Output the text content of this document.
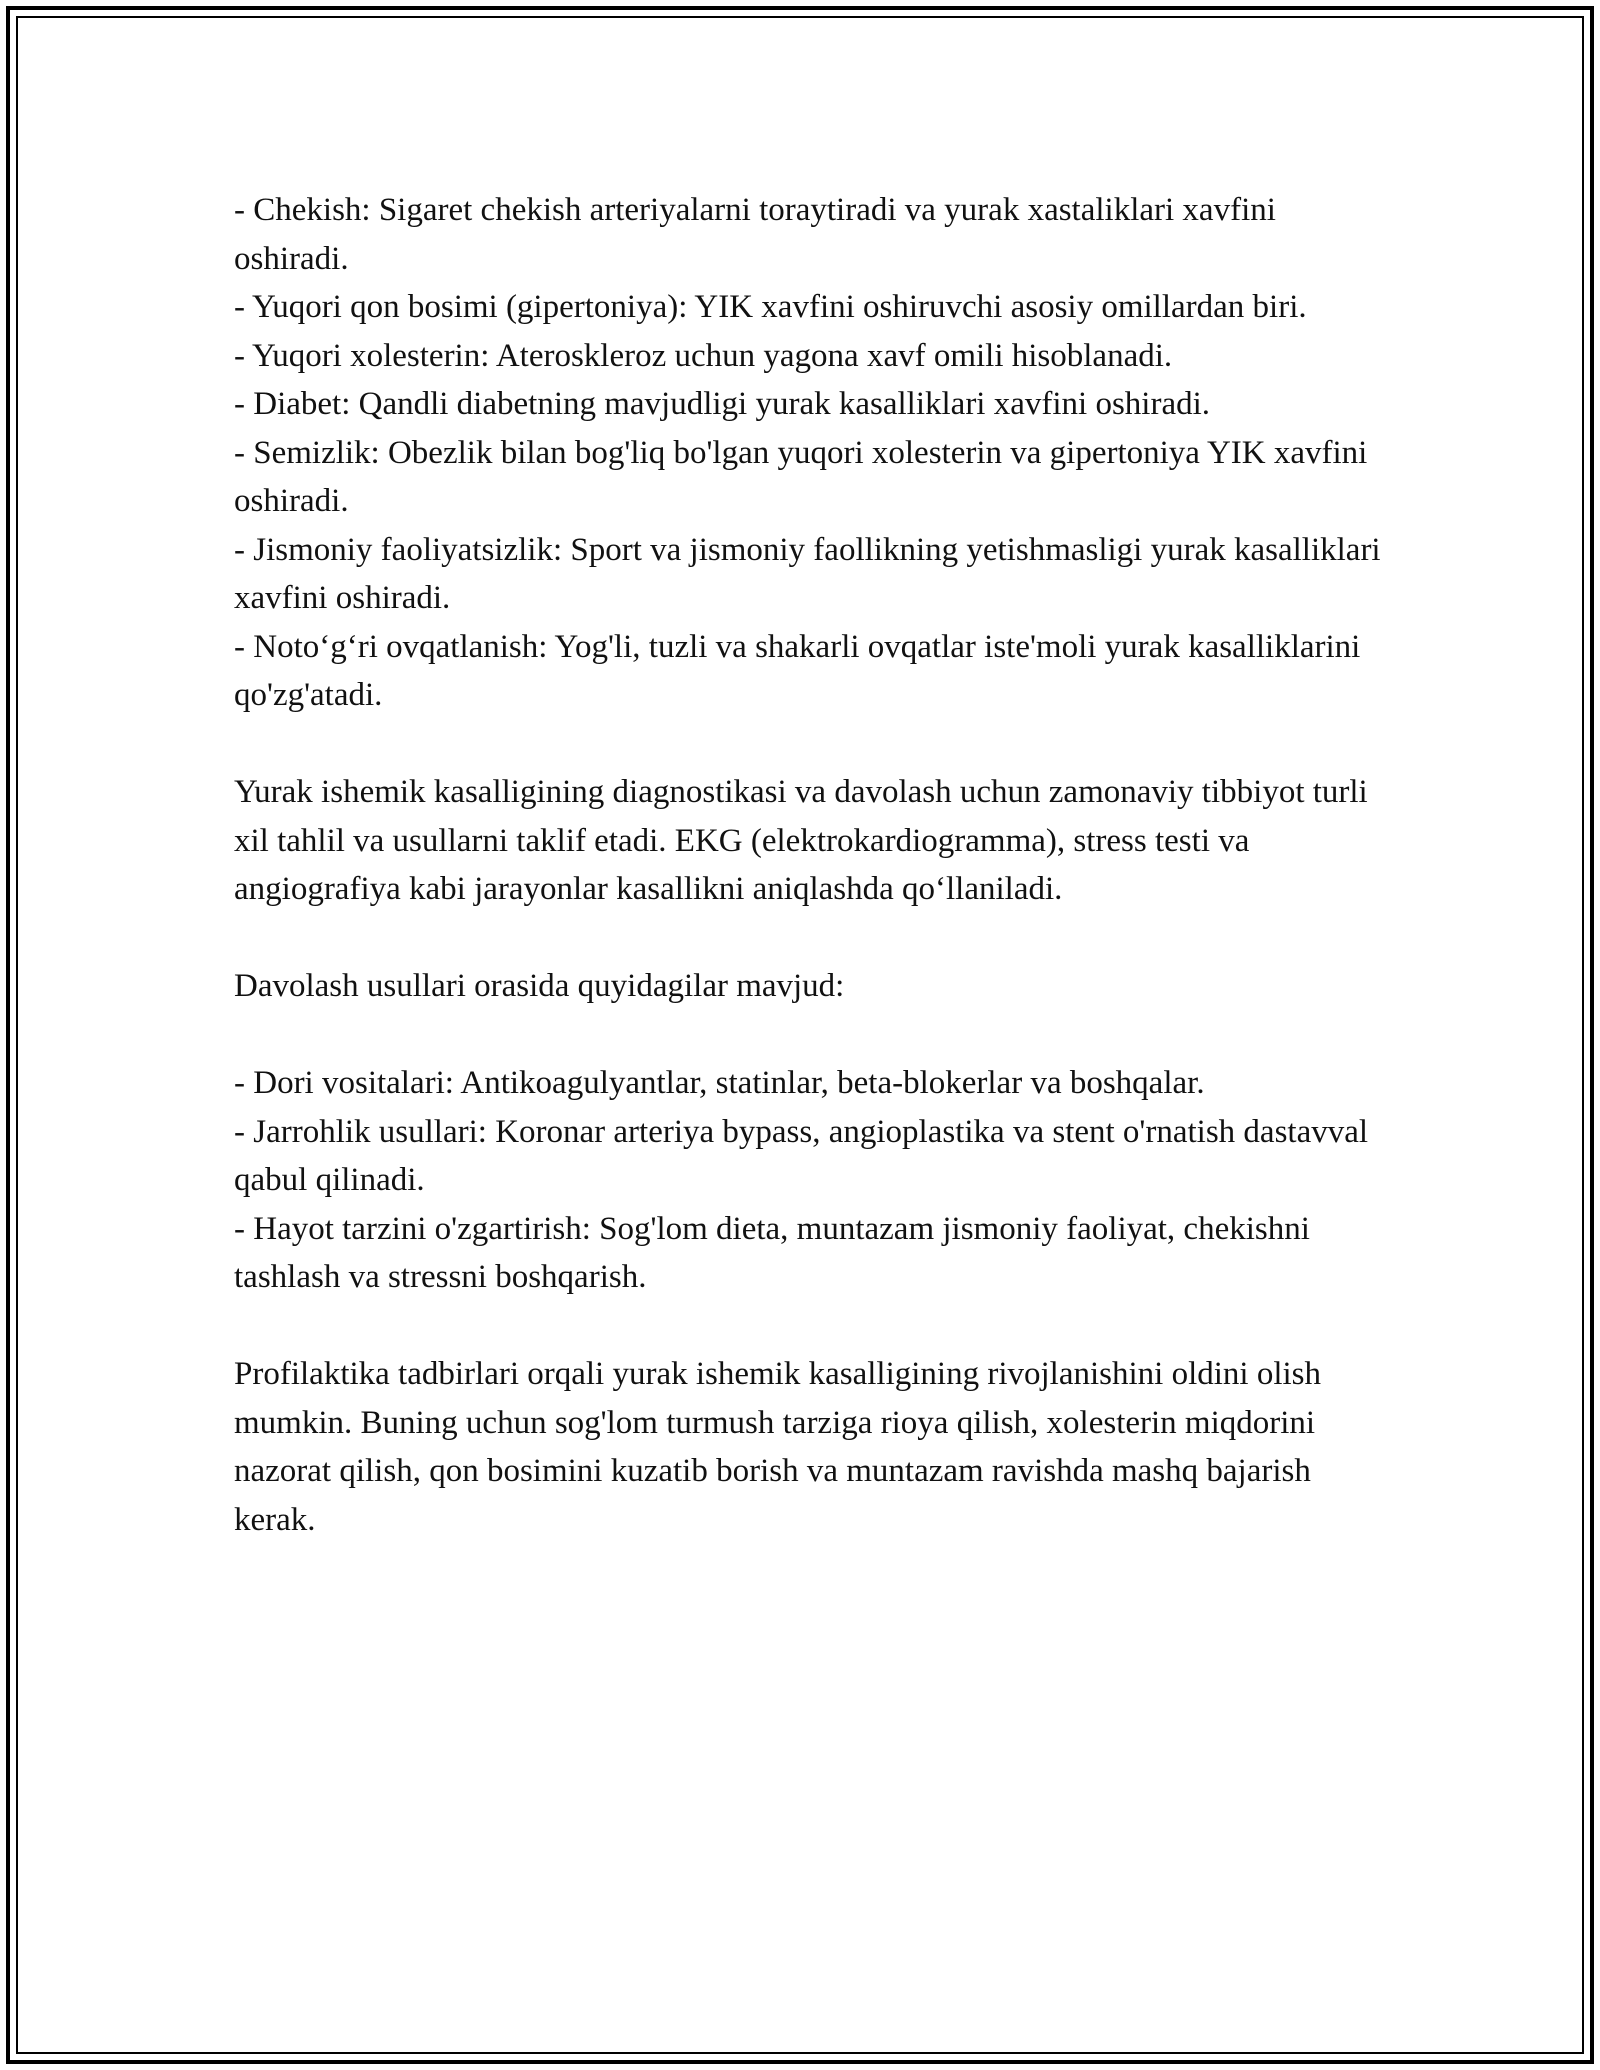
- Chekish: Sigaret chekish arteriyalarni toraytiradi va yurak xastaliklari xavfini oshiradi.

- Yuqori qon bosimi (gipertoniya): YIK xavfini oshiruvchi asosiy omillardan biri.

- Yuqori xolesterin: Ateroskleroz uchun yagona xavf omili hisoblanadi.

- Diabet: Qandli diabetning mavjudligi yurak kasalliklari xavfini oshiradi.

- Semizlik: Obezlik bilan bog'liq bo'lgan yuqori xolesterin va gipertoniya YIK xavfini oshiradi.

- Jismoniy faoliyatsizlik: Sport va jismoniy faollikning yetishmasligi yurak kasalliklari xavfini oshiradi.

- Noto‘g‘ri ovqatlanish: Yog'li, tuzli va shakarli ovqatlar iste'moli yurak kasalliklarini qo'zg'atadi.

Yurak ishemik kasalligining diagnostikasi va davolash uchun zamonaviy tibbiyot turli xil tahlil va usullarni taklif etadi. EKG (elektrokardiogramma), stress testi va angiografiya kabi jarayonlar kasallikni aniqlashda qo‘llaniladi.

Davolash usullari orasida quyidagilar mavjud:

- Dori vositalari: Antikoagulyantlar, statinlar, beta-blokerlar va boshqalar.

- Jarrohlik usullari: Koronar arteriya bypass, angioplastika va stent o'rnatish dastavval qabul qilinadi.

- Hayot tarzini o'zgartirish: Sog'lom dieta, muntazam jismoniy faoliyat, chekishni tashlash va stressni boshqarish.

Profilaktika tadbirlari orqali yurak ishemik kasalligining rivojlanishini oldini olish mumkin. Buning uchun sog'lom turmush tarziga rioya qilish, xolesterin miqdorini nazorat qilish, qon bosimini kuzatib borish va muntazam ravishda mashq bajarish kerak.
